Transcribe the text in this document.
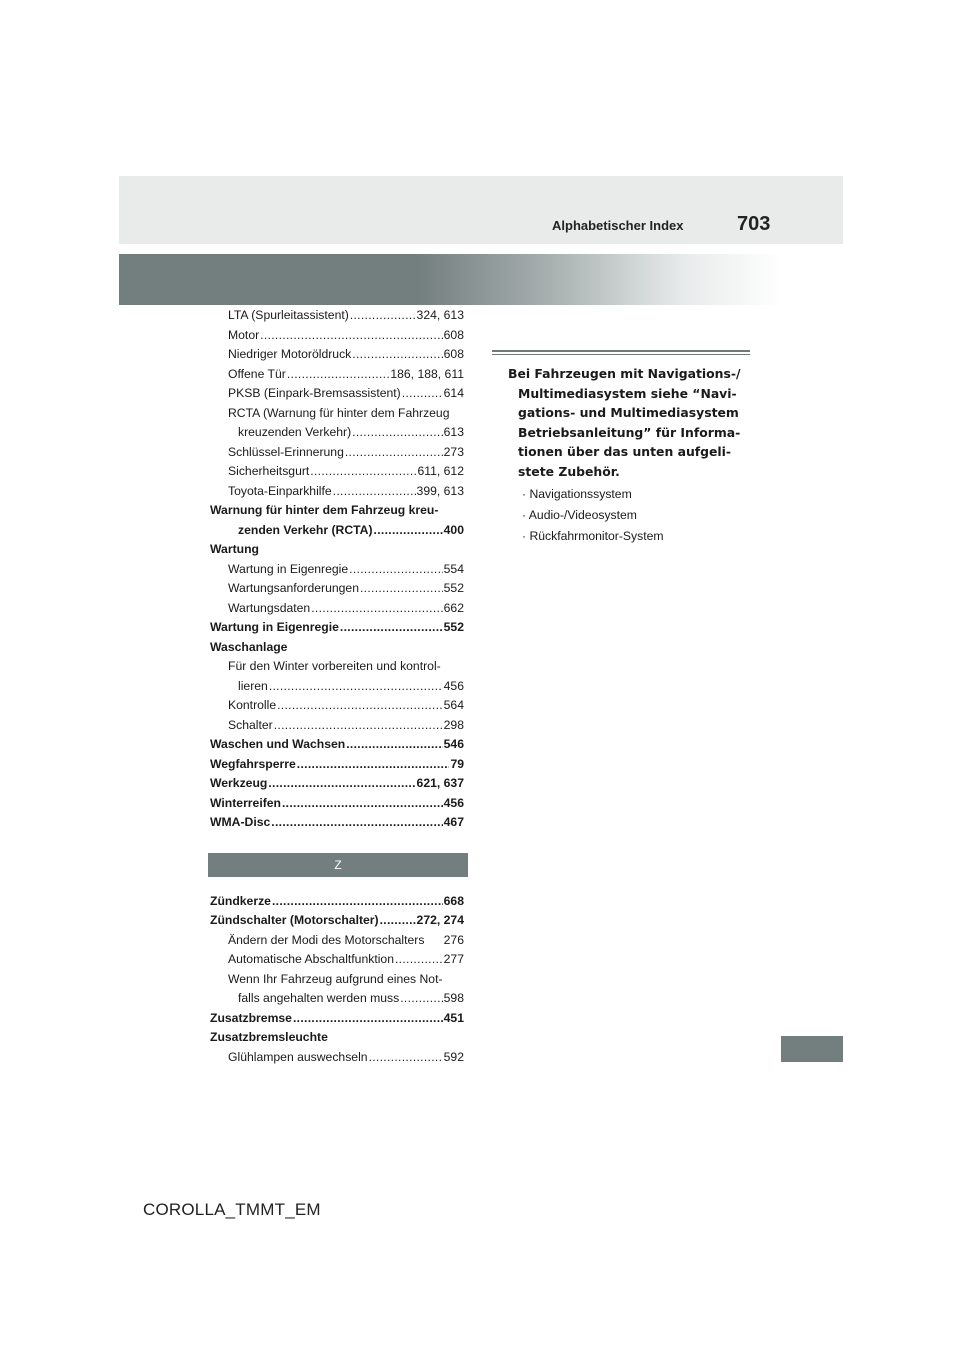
Alphabetischer Index	703
LTA (Spurleitassistent) .....	324, 613
Motor .....	608
Niedriger Motoröldruck .....	608
Offene Tür .....	186, 188, 611
PKSB (Einpark-Bremsassistent) .....	614
RCTA (Warnung für hinter dem Fahrzeug
kreuzenden Verkehr) .....	613
Schlüssel-Erinnerung .....	273
Sicherheitsgurt .....	611, 612
Toyota-Einparkhilfe .....	399, 613
Warnung für hinter dem Fahrzeug kreu-
zenden Verkehr (RCTA) .....	400
Wartung
Wartung in Eigenregie .....	554
Wartungsanforderungen .....	552
Wartungsdaten .....	662
Wartung in Eigenregie .....	552
Waschanlage
Für den Winter vorbereiten und kontrol-
lieren .....	456
Kontrolle .....	564
Schalter .....	298
Waschen und Wachsen .....	546
Wegfahrsperre .....	79
Werkzeug .....	621, 637
Winterreifen .....	456
WMA-Disc .....	467
Z
Zündkerze .....	668
Zündschalter (Motorschalter) .....	272, 274
Ändern der Modi des Motorschalters 276
Automatische Abschaltfunktion .....	277
Wenn Ihr Fahrzeug aufgrund eines Not-
falls angehalten werden muss .....	598
Zusatzbremse .....	451
Zusatzbremsleuchte
Glühlampen auswechseln .....	592
Bei Fahrzeugen mit Navigations-/
Multimediasystem siehe “Navi-
gations- und Multimediasystem
Betriebsanleitung” für Informa-
tionen über das unten aufgeli-
stete Zubehör.
· Navigationssystem
· Audio-/Videosystem
· Rückfahrmonitor-System
COROLLA_TMMT_EM
